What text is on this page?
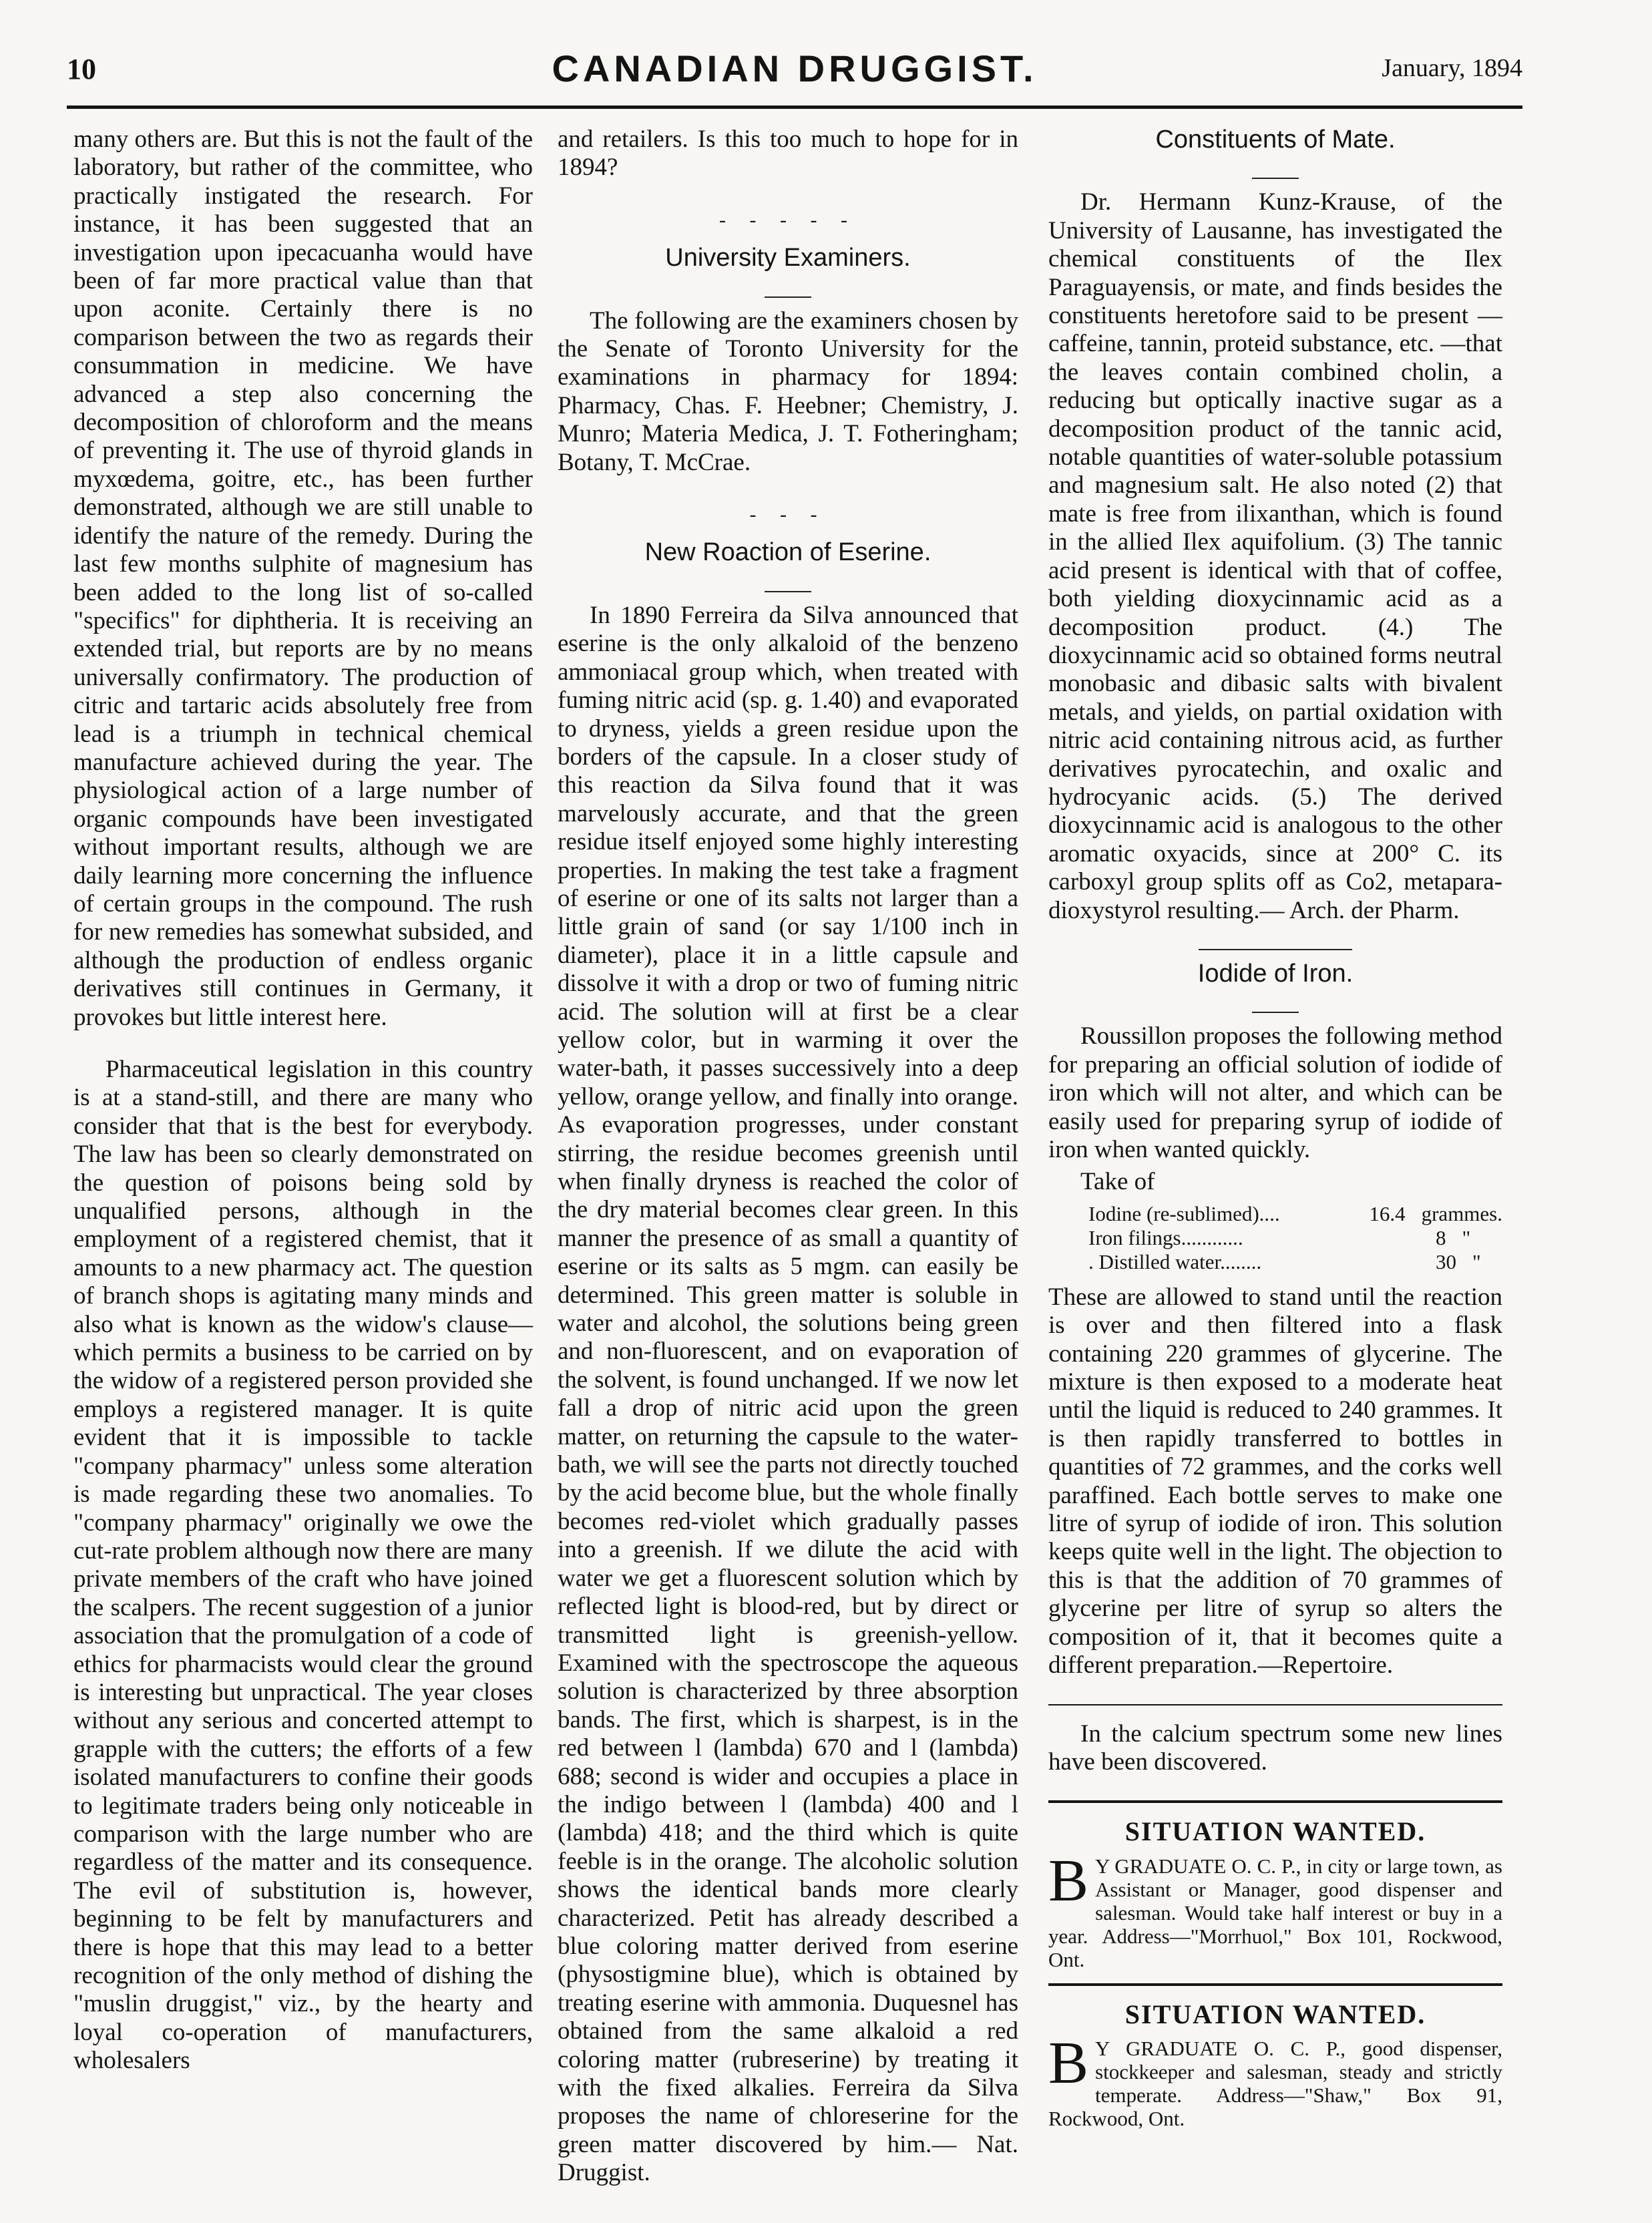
10	CANADIAN DRUGGIST.	January, 1894

many others are. But this is not the fault of the laboratory, but rather of the committee, who practically instigated the research. For instance, it has been suggested that an investigation upon ipecacuanha would have been of far more practical value than that upon aconite. Certainly there is no comparison between the two as regards their consummation in medicine. We have advanced a step also concerning the decomposition of chloroform and the means of preventing it. The use of thyroid glands in myxœdema, goitre, etc., has been further demonstrated, although we are still unable to identify the nature of the remedy. During the last few months sulphite of magnesium has been added to the long list of so-called "specifics" for diphtheria. It is receiving an extended trial, but reports are by no means universally confirmatory. The production of citric and tartaric acids absolutely free from lead is a triumph in technical chemical manufacture achieved during the year. The physiological action of a large number of organic compounds have been investigated without important results, although we are daily learning more concerning the influence of certain groups in the compound. The rush for new remedies has somewhat subsided, and although the production of endless organic derivatives still continues in Germany, it provokes but little interest here.

Pharmaceutical legislation in this country is at a stand-still, and there are many who consider that that is the best for everybody. The law has been so clearly demonstrated on the question of poisons being sold by unqualified persons, although in the employment of a registered chemist, that it amounts to a new pharmacy act. The question of branch shops is agitating many minds and also what is known as the widow's clause—which permits a business to be carried on by the widow of a registered person provided she employs a registered manager. It is quite evident that it is impossible to tackle "company pharmacy" unless some alteration is made regarding these two anomalies. To "company pharmacy" originally we owe the cut-rate problem although now there are many private members of the craft who have joined the scalpers. The recent suggestion of a junior association that the promulgation of a code of ethics for pharmacists would clear the ground is interesting but unpractical. The year closes without any serious and concerted attempt to grapple with the cutters; the efforts of a few isolated manufacturers to confine their goods to legitimate traders being only noticeable in comparison with the large number who are regardless of the matter and its consequence. The evil of substitution is, however, beginning to be felt by manufacturers and there is hope that this may lead to a better recognition of the only method of dishing the "muslin druggist," viz., by the hearty and loyal co-operation of manufacturers, wholesalers

and retailers. Is this too much to hope for in 1894?

- - - - -
University Examiners.

The following are the examiners chosen by the Senate of Toronto University for the examinations in pharmacy for 1894: Pharmacy, Chas. F. Heebner; Chemistry, J. Munro; Materia Medica, J. T. Fotheringham; Botany, T. McCrae.

- - -
New Roaction of Eserine.

In 1890 Ferreira da Silva announced that eserine is the only alkaloid of the benzeno ammoniacal group which, when treated with fuming nitric acid (sp. g. 1.40) and evaporated to dryness, yields a green residue upon the borders of the capsule. In a closer study of this reaction da Silva found that it was marvelously accurate, and that the green residue itself enjoyed some highly interesting properties. In making the test take a fragment of eserine or one of its salts not larger than a little grain of sand (or say 1/100 inch in diameter), place it in a little capsule and dissolve it with a drop or two of fuming nitric acid. The solution will at first be a clear yellow color, but in warming it over the water-bath, it passes successively into a deep yellow, orange yellow, and finally into orange. As evaporation progresses, under constant stirring, the residue becomes greenish until when finally dryness is reached the color of the dry material becomes clear green. In this manner the presence of as small a quantity of eserine or its salts as 5 mgm. can easily be determined. This green matter is soluble in water and alcohol, the solutions being green and non-fluorescent, and on evaporation of the solvent, is found unchanged. If we now let fall a drop of nitric acid upon the green matter, on returning the capsule to the water-bath, we will see the parts not directly touched by the acid become blue, but the whole finally becomes red-violet which gradually passes into a greenish. If we dilute the acid with water we get a fluorescent solution which by reflected light is blood-red, but by direct or transmitted light is greenish-yellow. Examined with the spectroscope the aqueous solution is characterized by three absorption bands. The first, which is sharpest, is in the red between l (lambda) 670 and l (lambda) 688; second is wider and occupies a place in the indigo between l (lambda) 400 and l (lambda) 418; and the third which is quite feeble is in the orange. The alcoholic solution shows the identical bands more clearly characterized. Petit has already described a blue coloring matter derived from eserine (physostigmine blue), which is obtained by treating eserine with ammonia. Duquesnel has obtained from the same alkaloid a red coloring matter (rubreserine) by treating it with the fixed alkalies. Ferreira da Silva proposes the name of chloreserine for the green matter discovered by him.— Nat. Druggist.

Constituents of Mate.

Dr. Hermann Kunz-Krause, of the University of Lausanne, has investigated the chemical constituents of the Ilex Paraguayensis, or mate, and finds besides the constituents heretofore said to be present —caffeine, tannin, proteid substance, etc. —that the leaves contain combined cholin, a reducing but optically inactive sugar as a decomposition product of the tannic acid, notable quantities of water-soluble potassium and magnesium salt. He also noted (2) that mate is free from ilixanthan, which is found in the allied Ilex aquifolium. (3) The tannic acid present is identical with that of coffee, both yielding dioxycinnamic acid as a decomposition product. (4.) The dioxycinnamic acid so obtained forms neutral monobasic and dibasic salts with bivalent metals, and yields, on partial oxidation with nitric acid containing nitrous acid, as further derivatives pyrocatechin, and oxalic and hydrocyanic acids. (5.) The derived dioxycinnamic acid is analogous to the other aromatic oxyacids, since at 200° C. its carboxyl group splits off as Co2, metapara-dioxystyrol resulting.— Arch. der Pharm.

Iodide of Iron.

Roussillon proposes the following method for preparing an official solution of iodide of iron which will not alter, and which can be easily used for preparing syrup of iodide of iron when wanted quickly.

Take of

Iodine (re-sublimed)....	16.4 grammes.
Iron filings............	8 "
. Distilled water........	30 "

These are allowed to stand until the reaction is over and then filtered into a flask containing 220 grammes of glycerine. The mixture is then exposed to a moderate heat until the liquid is reduced to 240 grammes. It is then rapidly transferred to bottles in quantities of 72 grammes, and the corks well paraffined. Each bottle serves to make one litre of syrup of iodide of iron. This solution keeps quite well in the light. The objection to this is that the addition of 70 grammes of glycerine per litre of syrup so alters the composition of it, that it becomes quite a different preparation.—Repertoire.

In the calcium spectrum some new lines have been discovered.

SITUATION WANTED.
B Y GRADUATE O. C. P., in city or large town, as Assistant or Manager, good dispenser and salesman. Would take half interest or buy in a year. Address—"Morrhuol," Box 101, Rockwood, Ont.
SITUATION WANTED.
B Y GRADUATE O. C. P., good dispenser, stockkeeper and salesman, steady and strictly temperate. Address—"Shaw," Box 91, Rockwood, Ont.
